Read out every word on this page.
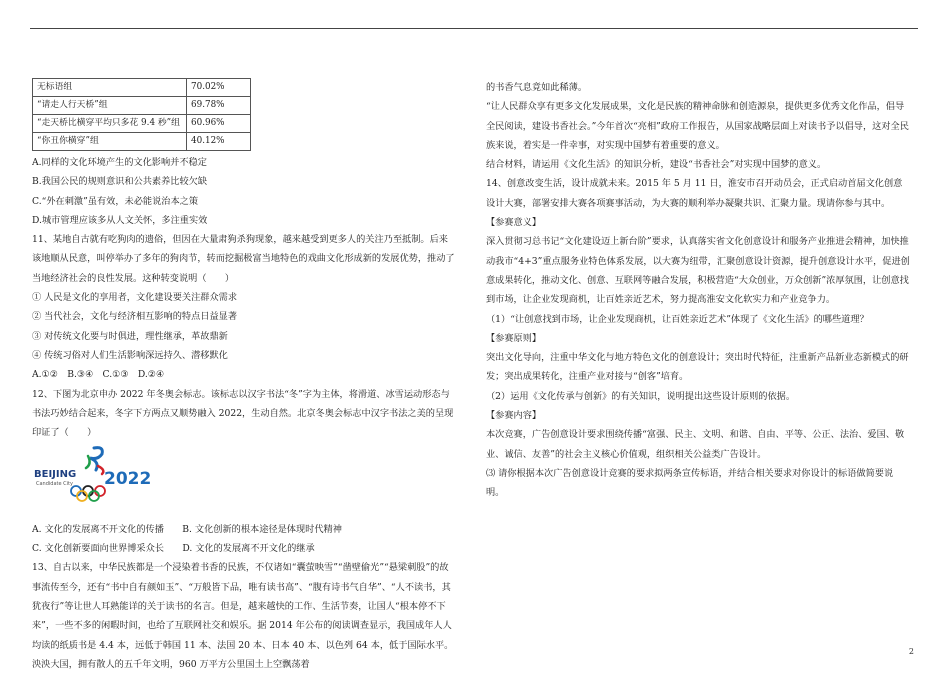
无标语组	70.02%
“请走人行天桥”组	69.78%
“走天桥比横穿平均只多花 9.4 秒”组	60.96%
“你丑你横穿”组	40.12%

A.同样的文化环境产生的文化影响并不稳定

B.我国公民的规则意识和公共素养比较欠缺

C.“外在刺激”虽有效，未必能说治本之策

D.城市管理应该多从人文关怀，多注重实效

11、某地自古就有吃狗肉的遗俗，但因在大量肃狗杀狗现象，越来越受到更多人的关注乃至抵制。后来该地顺从民意，叫停举办了多年的狗肉节，转而挖掘极富当地特色的戏曲文化形成新的发展优势，推动了当地经济社会的良性发展。这种转变说明（　　）

① 人民是文化的享用者，文化建设要关注群众需求

② 当代社会，文化与经济相互影响的特点日益显著

③ 对传统文化要与时俱进，理性继承，革故鼎新

④ 传统习俗对人们生活影响深远持久、潜移默化

A.①②　B.③④　C.①③　D.②④

12、下图为北京申办 2022 年冬奥会标志。该标志以汉字书法“冬”字为主体，将滑道、冰雪运动形态与书法巧妙结合起来，冬字下方两点又顺势融入 2022，生动自然。北京冬奥会标志中汉字书法之美的呈现印证了（　　）

BEIJING
Candidate City 2022

A. 文化的发展离不开文化的传播　　B. 文化创新的根本途径是体现时代精神

C. 文化创新要面向世界博采众长　　D. 文化的发展离不开文化的继承

13、自古以来，中华民族都是一个浸染着书香的民族，不仅诸如“囊萤映雪”“凿壁偷光”“悬梁刺股”的故事流传至今，还有“书中自有颜如玉”、“万般皆下品，唯有读书高”、“腹有诗书气自华”、“人不读书，其犹夜行”等让世人耳熟能详的关于读书的名言。但是，越来越快的工作、生活节奏，让国人“根本停不下来”，一些不多的闲暇时间，也给了互联网社交和娱乐。据 2014 年公布的阅读调查显示，我国成年人人均读的纸质书是 4.4 本，远低于韩国 11 本、法国 20 本、日本 40 本、以色列 64 本，低于国际水平。泱泱大国，拥有散人的五千年文明，960 万平方公里国土上空飘荡着

的书香气息竟如此稀薄。

“让人民群众享有更多文化发展成果，文化是民族的精神命脉和创造源泉，提供更多优秀文化作品，倡导全民阅读，建设书香社会。”今年首次“亮相”政府工作报告，从国家战略层面上对读书予以倡导，这对全民族来说，着实是一件幸事，对实现中国梦有着重要的意义。

结合材料，请运用《文化生活》的知识分析，建设“书香社会”对实现中国梦的意义。

14、创意改变生活，设计成就未来。2015 年 5 月 11 日，淮安市召开动员会，正式启动首届文化创意设计大赛，部署安排大赛各项赛事活动，为大赛的顺利举办凝聚共识、汇聚力量。现请你参与其中。

【参赛意义】

深入贯彻习总书记“文化建设迈上新台阶”要求，认真落实省文化创意设计和服务产业推进会精神，加快推动我市“4+3”重点服务业特色体系发展，以大赛为纽带，汇聚创意设计资源，提升创意设计水平，促进创意成果转化，推动文化、创意、互联网等融合发展，积极营造“大众创业，万众创新”浓厚氛围，让创意找到市场，让企业发现商机，让百姓亲近艺术，努力提高淮安文化软实力和产业竞争力。

（1）“让创意找到市场，让企业发现商机，让百姓亲近艺术”体现了《文化生活》的哪些道理？

【参赛原则】

突出文化导向，注重中华文化与地方特色文化的创意设计；突出时代特征，注重新产品新业态新模式的研发；突出成果转化，注重产业对接与“创客”培育。

（2）运用《文化传承与创新》的有关知识，说明提出这些设计原则的依据。

【参赛内容】

本次竞赛，广告创意设计要求围绕传播“富强、民主、文明、和谐、自由、平等、公正、法治、爱国、敬业、诚信、友善”的社会主义核心价值观，组织相关公益类广告设计。

⑶ 请你根据本次广告创意设计竞赛的要求拟两条宣传标语，并结合相关要求对你设计的标语做简要说明。

2
